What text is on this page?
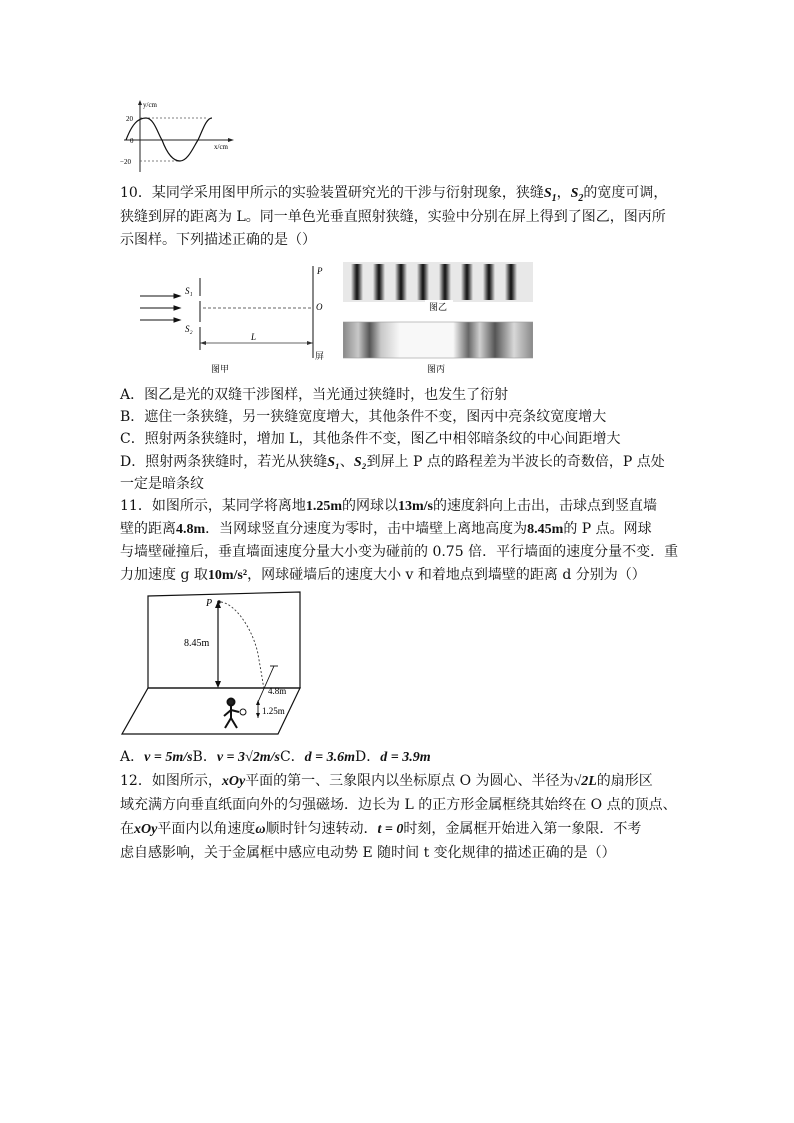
y/cm
x/cm
20
0
−20
10．某同学采用图甲所示的实验装置研究光的干涉与衍射现象，狭缝$S_1$，$S_2$的宽度可调，
狭缝到屏的距离为 L。同一单色光垂直照射狭缝，实验中分别在屏上得到了图乙，图丙所
示图样。下列描述正确的是（）
S₁
S₂
P
O
L
屏
图甲
图乙
图丙
A．图乙是光的双缝干涉图样，当光通过狭缝时，也发生了衍射
B．遮住一条狭缝，另一狭缝宽度增大，其他条件不变，图丙中亮条纹宽度增大
C．照射两条狭缝时，增加 L，其他条件不变，图乙中相邻暗条纹的中心间距增大
D．照射两条狭缝时，若光从狭缝S₁、S₂到屏上 P 点的路程差为半波长的奇数倍，P 点处
一定是暗条纹
11．如图所示，某同学将离地1.25m的网球以13m/s的速度斜向上击出，击球点到竖直墙
壁的距离4.8m．当网球竖直分速度为零时，击中墙壁上离地高度为8.45m的 P 点。网球
与墙壁碰撞后，垂直墙面速度分量大小变为碰前的 0.75 倍．平行墙面的速度分量不变．重
力加速度 g 取10m/s²，网球碰墙后的速度大小 v 和着地点到墙壁的距离 d 分别为（）
P
8.45m
4.8m
1.25m
A．v = 5m/sB．v = 3√2m/sC．d = 3.6mD．d = 3.9m
12．如图所示，xOy平面的第一、三象限内以坐标原点 O 为圆心、半径为√2L的扇形区
域充满方向垂直纸面向外的匀强磁场．边长为 L 的正方形金属框绕其始终在 O 点的顶点、
在xOy平面内以角速度ω顺时针匀速转动．t = 0时刻，金属框开始进入第一象限．不考
虑自感影响，关于金属框中感应电动势 E 随时间 t 变化规律的描述正确的是（）
